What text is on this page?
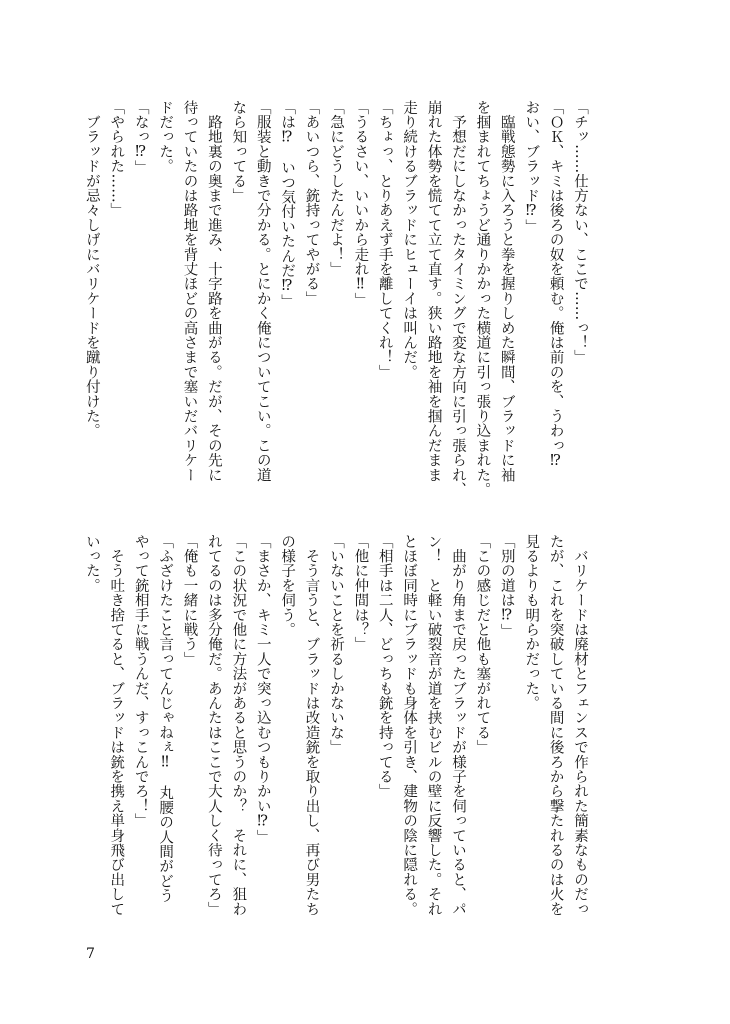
「チッ……仕方ない、ここで……っ！」
「ＯＫ、キミは後ろの奴を頼む。俺は前のを、うわっ⁉
おい、ブラッド⁉」
　臨戦態勢に入ろうと拳を握りしめた瞬間、ブラッドに袖
を掴まれてちょうど通りかかった横道に引っ張り込まれた。
　予想だにしなかったタイミングで変な方向に引っ張られ、
崩れた体勢を慌てて立て直す。狭い路地を袖を掴んだまま
走り続けるブラッドにヒューイは叫んだ。
「ちょっ、とりあえず手を離してくれ！」
「うるさい、いいから走れ‼」
「急にどうしたんだよ！」
「あいつら、銃持ってやがる」
「は⁉　いつ気付いたんだ⁉」
「服装と動きで分かる。とにかく俺についてこい。この道
なら知ってる」
　路地裏の奥まで進み、十字路を曲がる。だが、その先に
待っていたのは路地を背丈ほどの高さまで塞いだバリケー
ドだった。
「なっ⁉」
「やられた……」
　ブラッドが忌々しげにバリケードを蹴り付けた。
　バリケードは廃材とフェンスで作られた簡素なものだっ
たが、これを突破している間に後ろから撃たれるのは火を
見るよりも明らかだった。
「別の道は⁉」
「この感じだと他も塞がれてる」
　曲がり角まで戻ったブラッドが様子を伺っていると、パ
ン！　と軽い破裂音が道を挟むビルの壁に反響した。それ
とほぼ同時にブラッドも身体を引き、建物の陰に隠れる。
「相手は二人、どっちも銃を持ってる」
「他に仲間は？」
「いないことを祈るしかないな」
　そう言うと、ブラッドは改造銃を取り出し、再び男たち
の様子を伺う。
「まさか、キミ一人で突っ込むつもりかい⁉」
「この状況で他に方法があると思うのか？　それに、狙わ
れてるのは多分俺だ。あんたはここで大人しく待ってろ」
「俺も一緒に戦う」
「ふざけたこと言ってんじゃねぇ‼　丸腰の人間がどう
やって銃相手に戦うんだ、すっこんでろ！」
　そう吐き捨てると、ブラッドは銃を携え単身飛び出して
いった。
7
